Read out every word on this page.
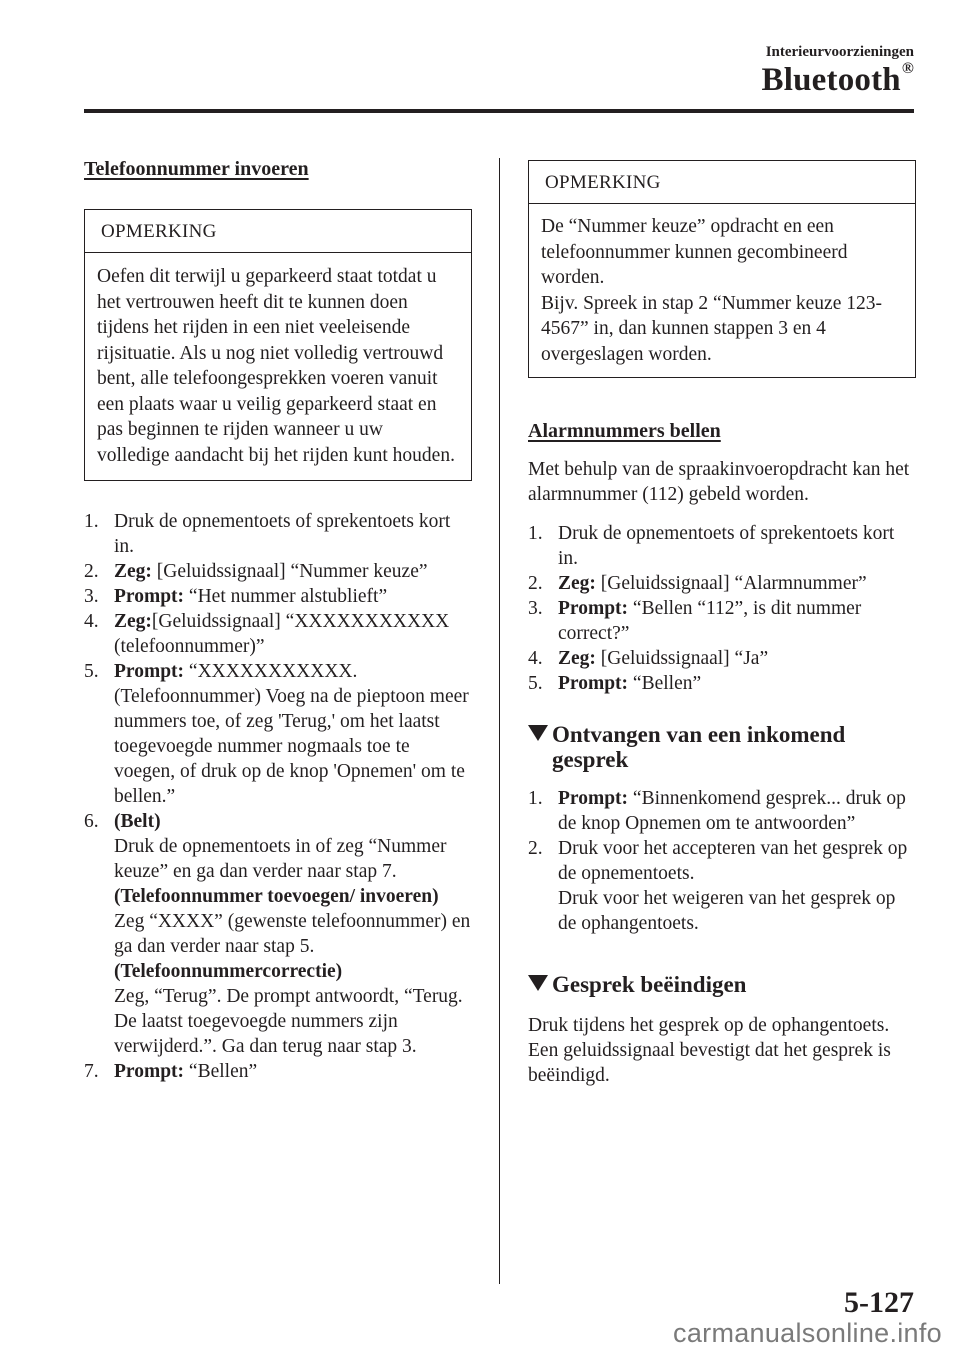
Interieurvoorzieningen
Bluetooth®
Telefoonnummer invoeren
OPMERKING
Oefen dit terwijl u geparkeerd staat totdat u het vertrouwen heeft dit te kunnen doen tijdens het rijden in een niet veeleisende rijsituatie. Als u nog niet volledig vertrouwd bent, alle telefoongesprekken voeren vanuit een plaats waar u veilig geparkeerd staat en pas beginnen te rijden wanneer u uw volledige aandacht bij het rijden kunt houden.
1. Druk de opnementoets of sprekentoets kort in.
2. Zeg: [Geluidssignaal] “Nummer keuze”
3. Prompt: “Het nummer alstublieft”
4. Zeg:[Geluidssignaal] “XXXXXXXXXXX (telefoonnummer)”
5. Prompt: “XXXXXXXXXXX. (Telefoonnummer) Voeg na de pieptoon meer nummers toe, of zeg 'Terug,' om het laatst toegevoegde nummer nogmaals toe te voegen, of druk op de knop 'Opnemen' om te bellen.”
6. (Belt)
Druk de opnementoets in of zeg “Nummer keuze” en ga dan verder naar stap 7.
(Telefoonnummer toevoegen/ invoeren)
Zeg “XXXX” (gewenste telefoonnummer) en ga dan verder naar stap 5.
(Telefoonnummercorrectie)
Zeg, “Terug”. De prompt antwoordt, “Terug. De laatst toegevoegde nummers zijn verwijderd.”. Ga dan terug naar stap 3.
7. Prompt: “Bellen”
OPMERKING
De “Nummer keuze” opdracht en een telefoonnummer kunnen gecombineerd worden.
Bijv. Spreek in stap 2 “Nummer keuze 123-4567” in, dan kunnen stappen 3 en 4 overgeslagen worden.
Alarmnummers bellen

Met behulp van de spraakinvoeropdracht kan het alarmnummer (112) gebeld worden.

1. Druk de opnementoets of sprekentoets kort in.
2. Zeg: [Geluidssignaal] “Alarmnummer”
3. Prompt: “Bellen “112”, is dit nummer correct?”
4. Zeg: [Geluidssignaal] “Ja”
5. Prompt: “Bellen”
Ontvangen van een inkomend gesprek
1. Prompt: “Binnenkomend gesprek... druk op de knop Opnemen om te antwoorden”
2. Druk voor het accepteren van het gesprek op de opnementoets.
Druk voor het weigeren van het gesprek op de ophangentoets.
Gesprek beëindigen

Druk tijdens het gesprek op de ophangentoets. Een geluidssignaal bevestigt dat het gesprek is beëindigd.

5-127
carmanualsonline.info
